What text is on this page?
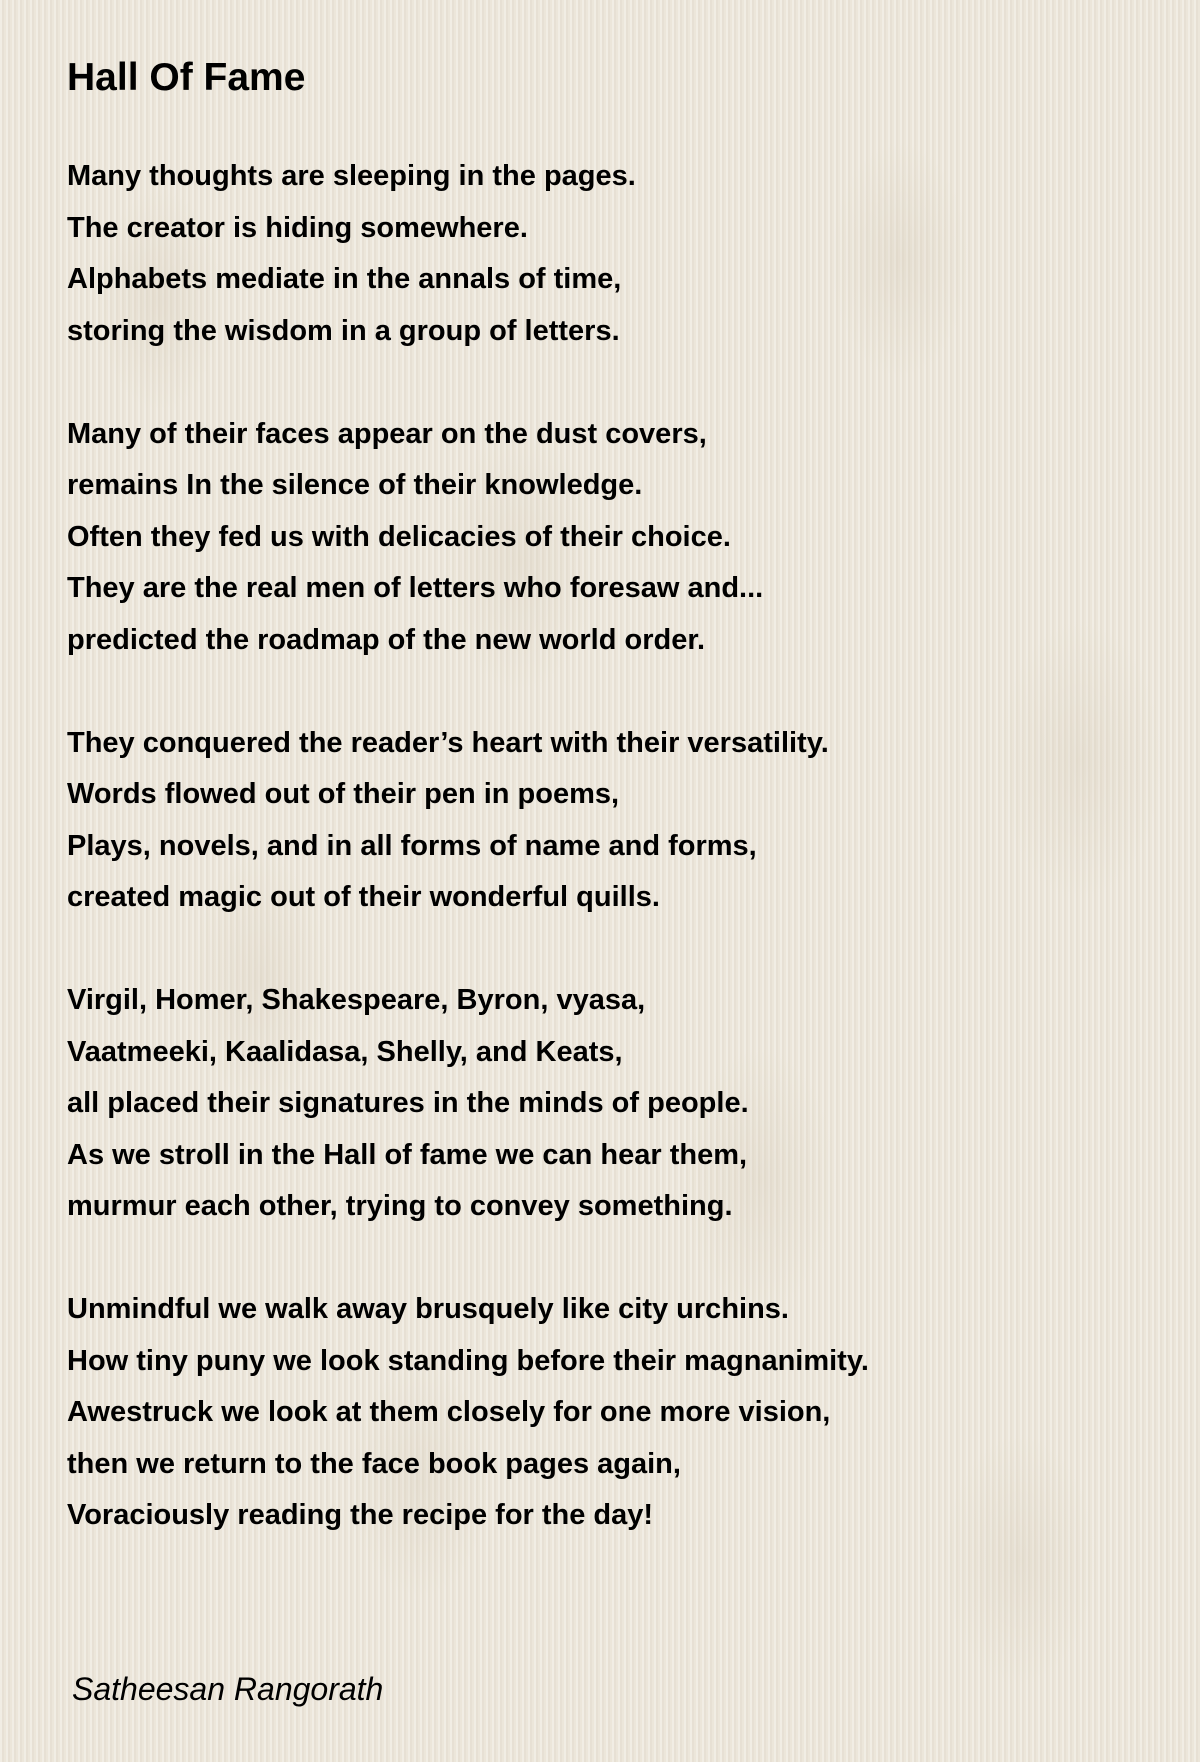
Hall Of Fame

Many thoughts are sleeping in the pages.
The creator is hiding somewhere.
Alphabets mediate in the annals of time,
storing the wisdom in a group of letters.

Many of their faces appear on the dust covers,
remains In the silence of their knowledge.
Often they fed us with delicacies of their choice.
They are the real men of letters who foresaw and...
predicted the roadmap of the new world order.

They conquered the reader’s heart with their versatility.
Words flowed out of their pen in poems,
Plays, novels, and in all forms of name and forms,
created magic out of their wonderful quills.

Virgil, Homer, Shakespeare, Byron, vyasa,
Vaatmeeki, Kaalidasa, Shelly, and Keats,
all placed their signatures in the minds of people.
As we stroll in the Hall of fame we can hear them,
murmur each other, trying to convey something.

Unmindful we walk away brusquely like city urchins.
How tiny puny we look standing before their magnanimity.
Awestruck we look at them closely for one more vision,
then we return to the face book pages again,
Voraciously reading the recipe for the day!

Satheesan Rangorath
